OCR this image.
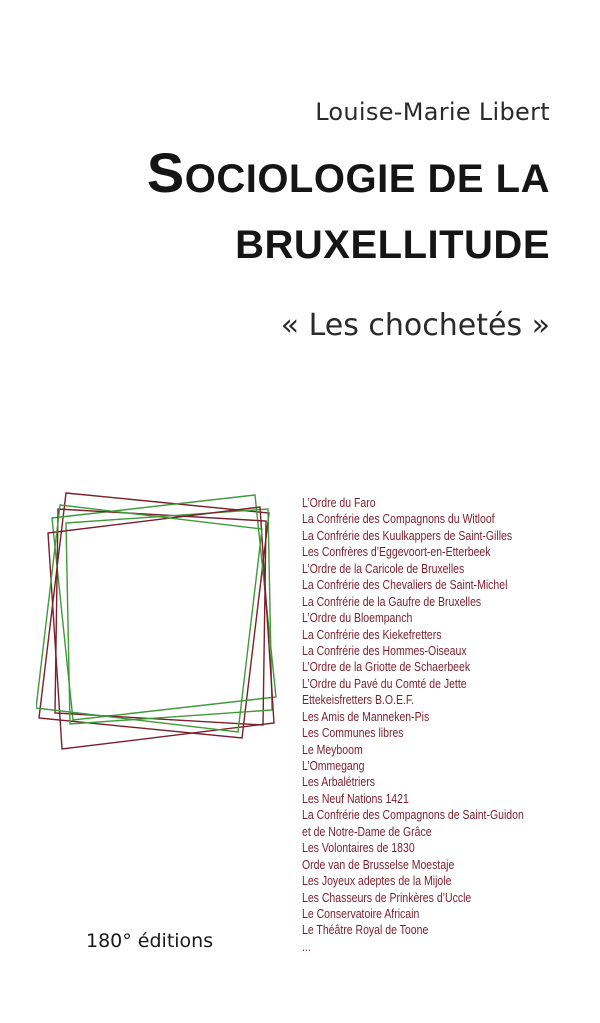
Louise-Marie Libert
SOCIOLOGIE DE LA
BRUXELLITUDE
« Les chochetés »
L’Ordre du Faro
La Confrérie des Compagnons du Witloof
La Confrérie des Kuulkappers de Saint-Gilles
Les Confrères d’Eggevoort-en-Etterbeek
L’Ordre de la Caricole de Bruxelles
La Confrérie des Chevaliers de Saint-Michel
La Confrérie de la Gaufre de Bruxelles
L’Ordre du Bloempanch
La Confrérie des Kiekefretters
La Confrérie des Hommes-Oiseaux
L’Ordre de la Griotte de Schaerbeek
L’Ordre du Pavé du Comté de Jette
Ettekeisfretters B.O.E.F.
Les Amis de Manneken-Pis
Les Communes libres
Le Meyboom
L’Ommegang
Les Arbalétriers
Les Neuf Nations 1421
La Confrérie des Compagnons de Saint-Guidon
et de Notre-Dame de Grâce
Les Volontaires de 1830
Orde van de Brusselse Moestaje
Les Joyeux adeptes de la Mijole
Les Chasseurs de Prinkères d’Uccle
Le Conservatoire Africain
Le Théâtre Royal de Toone
...
180° éditions
